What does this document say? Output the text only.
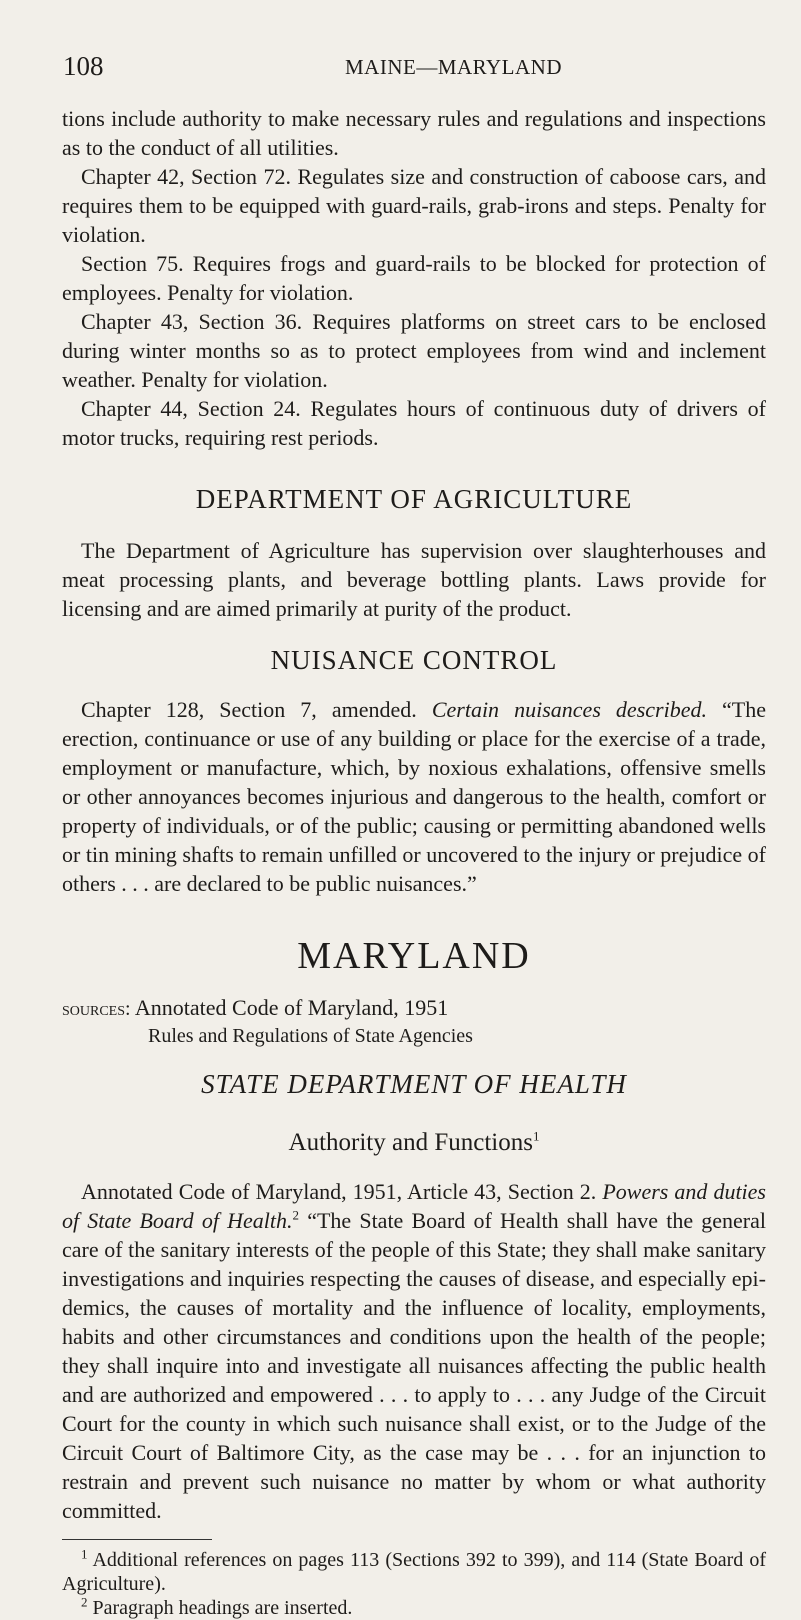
108	MAINE—MARYLAND

tions include authority to make necessary rules and regulations and inspections as to the conduct of all utilities.

Chapter 42, Section 72. Regulates size and construction of caboose cars, and requires them to be equipped with guard-rails, grab-irons and steps. Penalty for violation.

Section 75. Requires frogs and guard-rails to be blocked for protection of employees. Penalty for violation.

Chapter 43, Section 36. Requires platforms on street cars to be enclosed during winter months so as to protect employees from wind and inclement weather. Penalty for violation.

Chapter 44, Section 24. Regulates hours of continuous duty of drivers of motor trucks, requiring rest periods.

DEPARTMENT OF AGRICULTURE

The Department of Agriculture has supervision over slaughterhouses and meat processing plants, and beverage bottling plants. Laws provide for licensing and are aimed primarily at purity of the product.

NUISANCE CONTROL

Chapter 128, Section 7, amended. Certain nuisances described. “The erection, continuance or use of any building or place for the exercise of a trade, employment or manufacture, which, by noxious exhalations, offensive smells or other annoyances becomes injurious and dangerous to the health, comfort or property of individuals, or of the public; causing or permitting abandoned wells or tin mining shafts to remain unfilled or uncovered to the injury or prejudice of others . . . are declared to be public nuisances.”

MARYLAND
sources: Annotated Code of Maryland, 1951
Rules and Regulations of State Agencies
STATE DEPARTMENT OF HEALTH
Authority and Functions$^1$

Annotated Code of Maryland, 1951, Article 43, Section 2. Powers and duties of State Board of Health.$^2$ “The State Board of Health shall have the general care of the sanitary interests of the people of this State; they shall make sanitary investigations and inquiries respecting the causes of disease, and especially epi-demics, the causes of mortality and the influence of locality, employments, habits and other circumstances and conditions upon the health of the people; they shall inquire into and investigate all nuisances affecting the public health and are authorized and empowered . . . to apply to . . . any Judge of the Circuit Court for the county in which such nuisance shall exist, or to the Judge of the Circuit Court of Baltimore City, as the case may be . . . for an injunction to restrain and prevent such nuisance no matter by whom or what authority committed.

$^1$ Additional references on pages 113 (Sections 392 to 399), and 114 (State Board of Agriculture).

$^2$ Paragraph headings are inserted.
